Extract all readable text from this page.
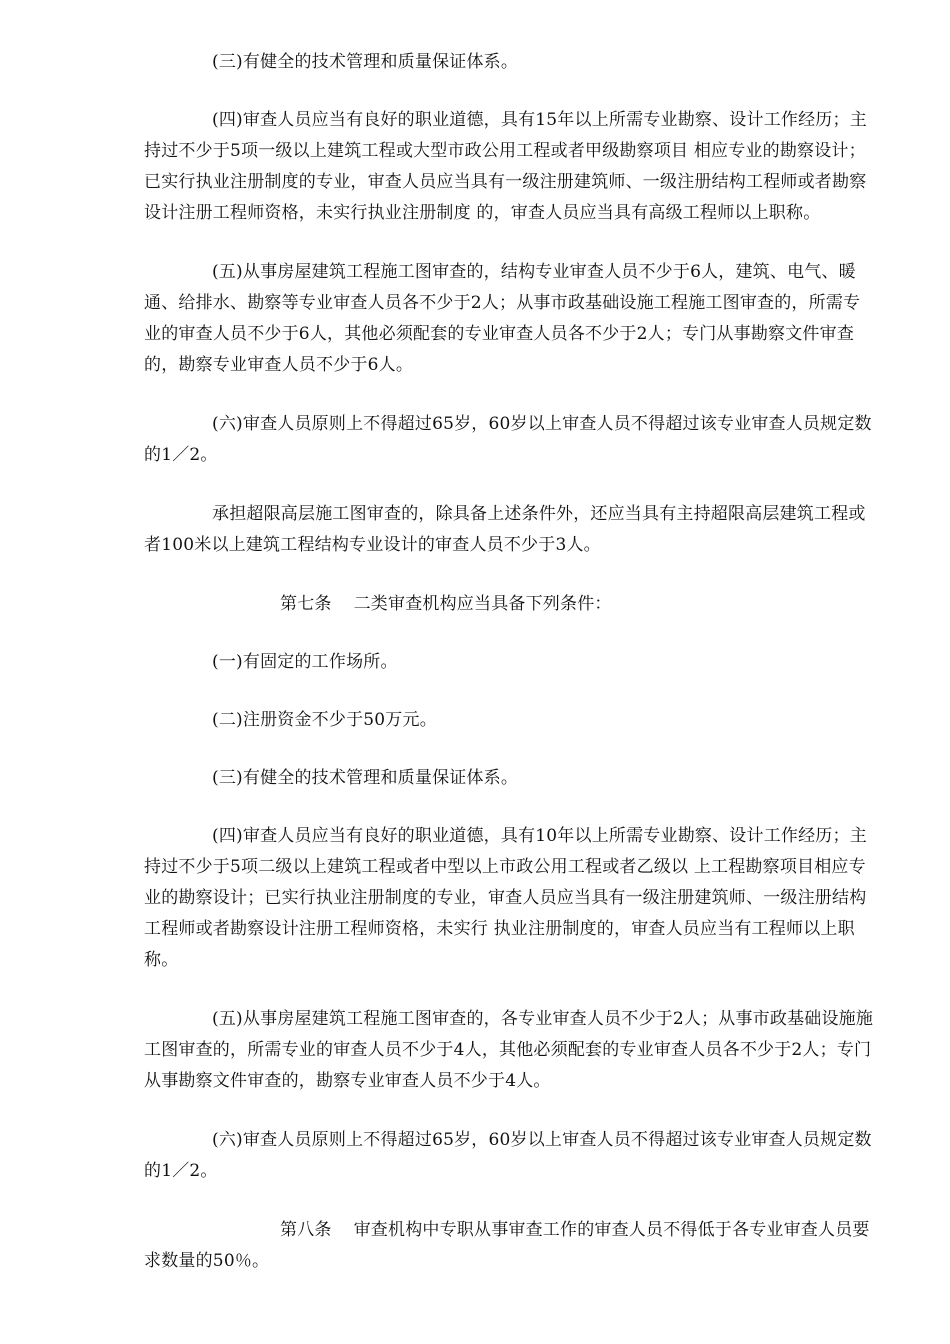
(三)有健全的技术管理和质量保证体系。

(四)审查人员应当有良好的职业道德，具有15年以上所需专业勘察、设计工作经历；主持过不少于5项一级以上建筑工程或大型市政公用工程或者甲级勘察项目 相应专业的勘察设计；已实行执业注册制度的专业，审查人员应当具有一级注册建筑师、一级注册结构工程师或者勘察设计注册工程师资格，未实行执业注册制度 的，审查人员应当具有高级工程师以上职称。

(五)从事房屋建筑工程施工图审查的，结构专业审查人员不少于6人，建筑、电气、暖通、给排水、勘察等专业审查人员各不少于2人；从事市政基础设施工程施工图审查的，所需专业的审查人员不少于6人，其他必须配套的专业审查人员各不少于2人；专门从事勘察文件审查的，勘察专业审查人员不少于6人。

(六)审查人员原则上不得超过65岁，60岁以上审查人员不得超过该专业审查人员规定数的1／2。

承担超限高层施工图审查的，除具备上述条件外，还应当具有主持超限高层建筑工程或者100米以上建筑工程结构专业设计的审查人员不少于3人。

第七条 二类审查机构应当具备下列条件：

(一)有固定的工作场所。

(二)注册资金不少于50万元。

(三)有健全的技术管理和质量保证体系。

(四)审查人员应当有良好的职业道德，具有10年以上所需专业勘察、设计工作经历；主持过不少于5项二级以上建筑工程或者中型以上市政公用工程或者乙级以 上工程勘察项目相应专业的勘察设计；已实行执业注册制度的专业，审查人员应当具有一级注册建筑师、一级注册结构工程师或者勘察设计注册工程师资格，未实行 执业注册制度的，审查人员应当有工程师以上职称。

(五)从事房屋建筑工程施工图审查的，各专业审查人员不少于2人；从事市政基础设施施工图审查的，所需专业的审查人员不少于4人，其他必须配套的专业审查人员各不少于2人；专门从事勘察文件审查的，勘察专业审查人员不少于4人。

(六)审查人员原则上不得超过65岁，60岁以上审查人员不得超过该专业审查人员规定数的1／2。

第八条 审查机构中专职从事审查工作的审查人员不得低于各专业审查人员要求数量的50％。
